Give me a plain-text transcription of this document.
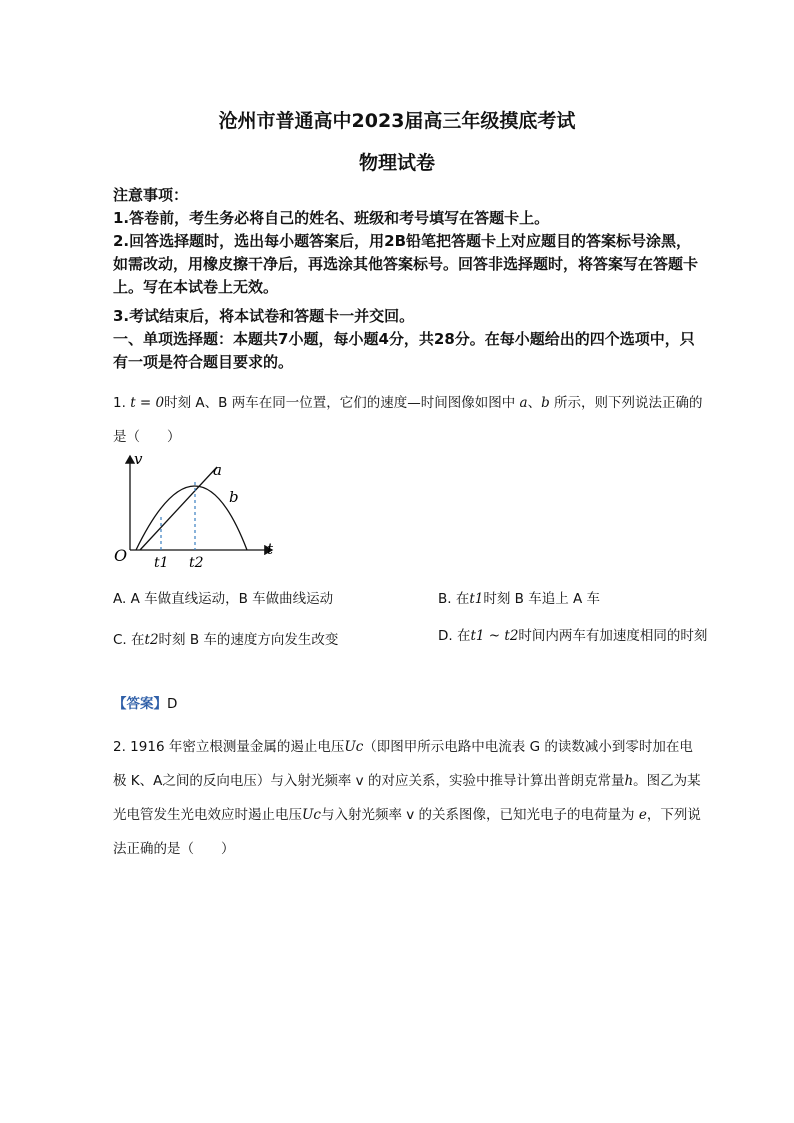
沧州市普通高中2023届高三年级摸底考试
物理试卷
注意事项：
1.答卷前，考生务必将自己的姓名、班级和考号填写在答题卡上。
2.回答选择题时，选出每小题答案后，用2B铅笔把答题卡上对应题目的答案标号涂黑，如需改动，用橡皮擦干净后，再选涂其他答案标号。回答非选择题时，将答案写在答题卡上。写在本试卷上无效。
3.考试结束后，将本试卷和答题卡一并交回。
一、单项选择题：本题共7小题，每小题4分，共28分。在每小题给出的四个选项中，只有一项是符合题目要求的。
1. t = 0时刻 A、B 两车在同一位置，它们的速度—时间图像如图中 a、b 所示，则下列说法正确的是（　　）
v
t
O
a
b
t1 t2
A. A 车做直线运动，B 车做曲线运动	B. 在t1时刻 B 车追上 A 车
C. 在t2时刻 B 车的速度方向发生改变	D. 在t1 ~ t2时间内两车有加速度相同的时刻
【答案】D
2. 1916 年密立根测量金属的遏止电压Uc（即图甲所示电路中电流表 G 的读数减小到零时加在电极 K、A之间的反向电压）与入射光频率 v 的对应关系，实验中推导计算出普朗克常量h。图乙为某光电管发生光电效应时遏止电压Uc与入射光频率 v 的关系图像，已知光电子的电荷量为 e，下列说法正确的是（　　）
